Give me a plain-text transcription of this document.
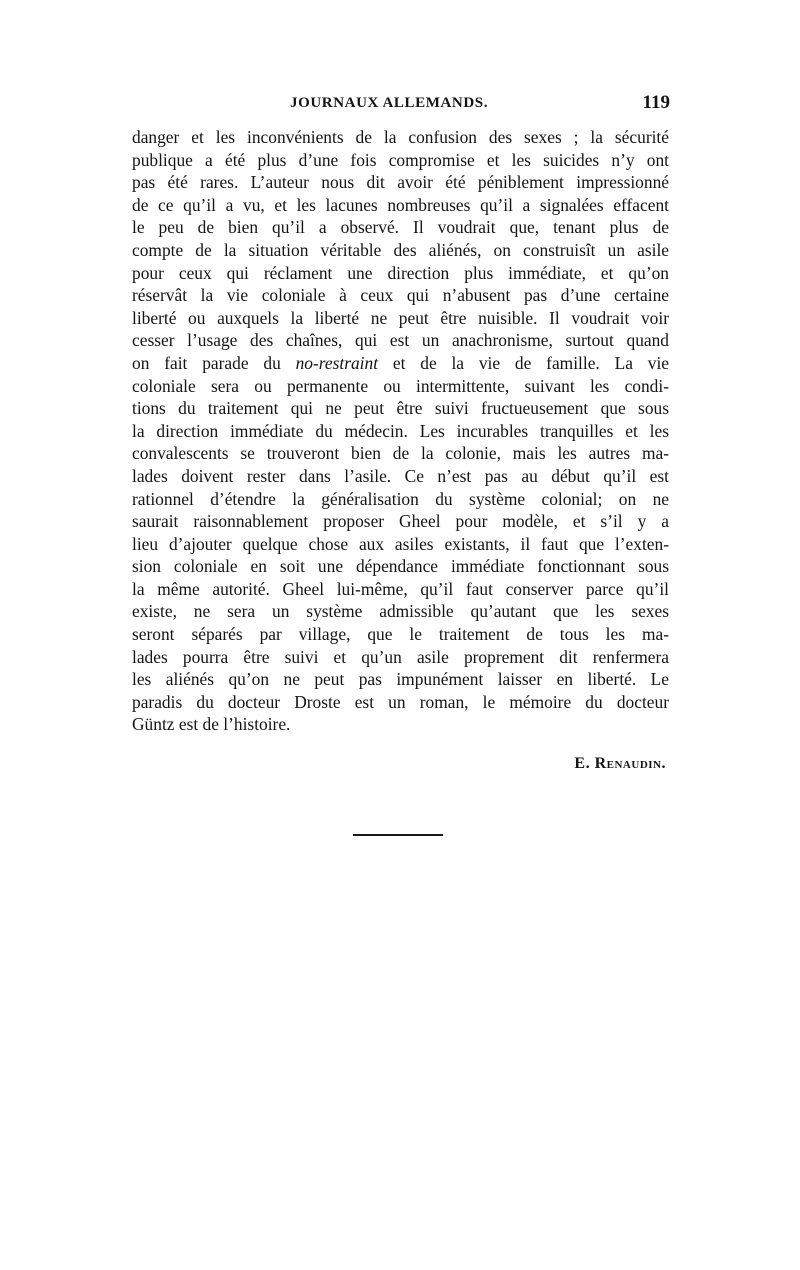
JOURNAUX ALLEMANDS.	119
danger et les inconvénients de la confusion des sexes ; la sécurité
publique a été plus d’une fois compromise et les suicides n’y ont
pas été rares. L’auteur nous dit avoir été péniblement impressionné
de ce qu’il a vu, et les lacunes nombreuses qu’il a signalées effacent
le peu de bien qu’il a observé. Il voudrait que, tenant plus de
compte de la situation véritable des aliénés, on construisît un asile
pour ceux qui réclament une direction plus immédiate, et qu’on
réservât la vie coloniale à ceux qui n’abusent pas d’une certaine
liberté ou auxquels la liberté ne peut être nuisible. Il voudrait voir
cesser l’usage des chaînes, qui est un anachronisme, surtout quand
on fait parade du no-restraint et de la vie de famille. La vie
coloniale sera ou permanente ou intermittente, suivant les condi-
tions du traitement qui ne peut être suivi fructueusement que sous
la direction immédiate du médecin. Les incurables tranquilles et les
convalescents se trouveront bien de la colonie, mais les autres ma-
lades doivent rester dans l’asile. Ce n’est pas au début qu’il est
rationnel d’étendre la généralisation du système colonial; on ne
saurait raisonnablement proposer Gheel pour modèle, et s’il y a
lieu d’ajouter quelque chose aux asiles existants, il faut que l’exten-
sion coloniale en soit une dépendance immédiate fonctionnant sous
la même autorité. Gheel lui-même, qu’il faut conserver parce qu’il
existe, ne sera un système admissible qu’autant que les sexes
seront séparés par village, que le traitement de tous les ma-
lades pourra être suivi et qu’un asile proprement dit renfermera
les aliénés qu’on ne peut pas impunément laisser en liberté. Le
paradis du docteur Droste est un roman, le mémoire du docteur
Güntz est de l’histoire.
E. Renaudin.
